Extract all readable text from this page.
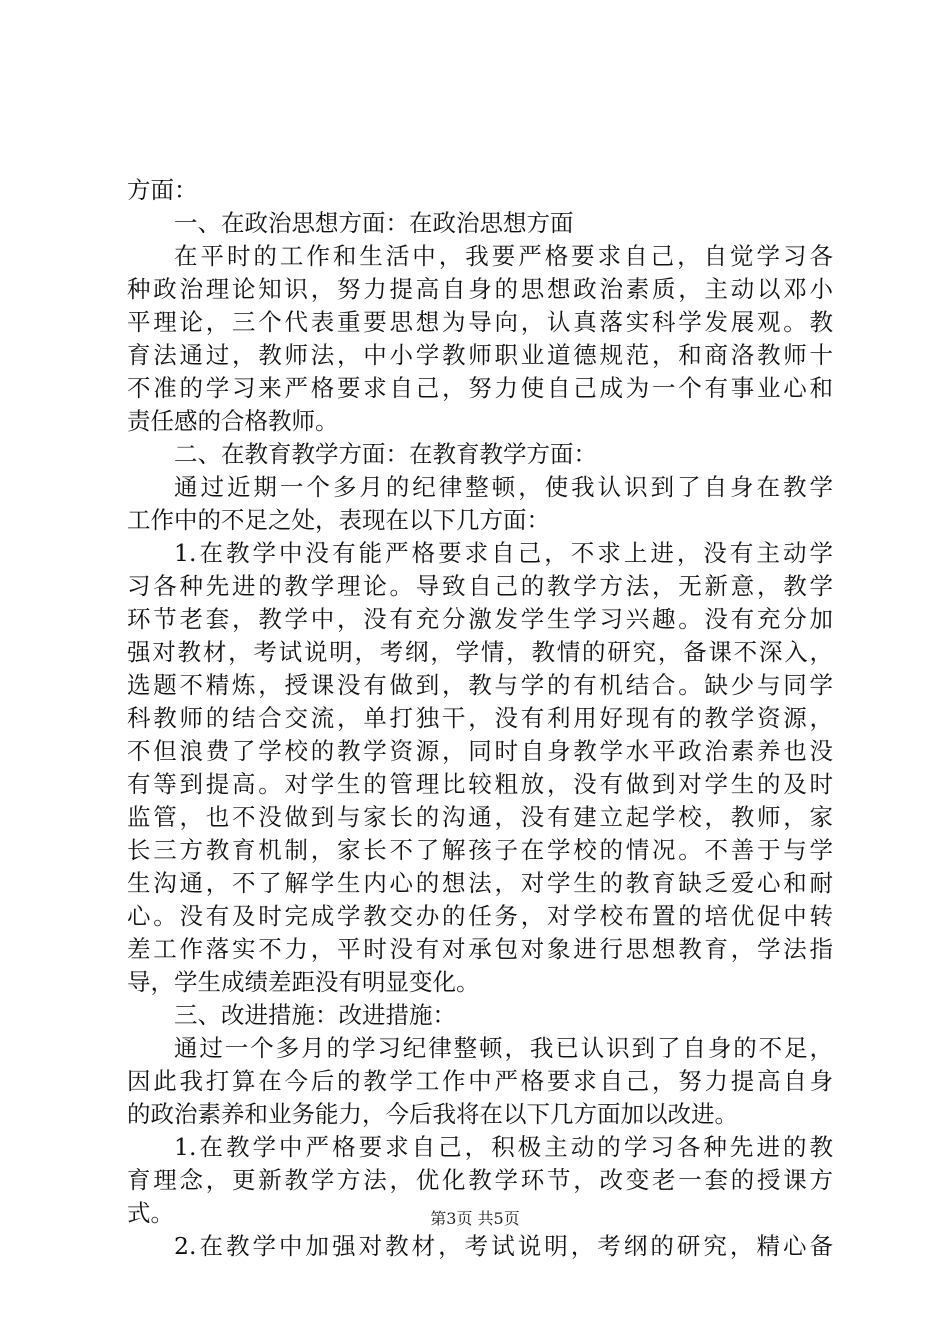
方面：
一、在政治思想方面：在政治思想方面
在平时的工作和生活中，我要严格要求自己，自觉学习各
种政治理论知识，努力提高自身的思想政治素质，主动以邓小
平理论，三个代表重要思想为导向，认真落实科学发展观。教
育法通过，教师法，中小学教师职业道德规范，和商洛教师十
不准的学习来严格要求自己，努力使自己成为一个有事业心和
责任感的合格教师。
二、在教育教学方面：在教育教学方面：
通过近期一个多月的纪律整顿，使我认识到了自身在教学
工作中的不足之处，表现在以下几方面：
1.在教学中没有能严格要求自己，不求上进，没有主动学
习各种先进的教学理论。导致自己的教学方法，无新意，教学
环节老套，教学中，没有充分激发学生学习兴趣。没有充分加
强对教材，考试说明，考纲，学情，教情的研究，备课不深入，
选题不精炼，授课没有做到，教与学的有机结合。缺少与同学
科教师的结合交流，单打独干，没有利用好现有的教学资源，
不但浪费了学校的教学资源，同时自身教学水平政治素养也没
有等到提高。对学生的管理比较粗放，没有做到对学生的及时
监管，也不没做到与家长的沟通，没有建立起学校，教师，家
长三方教育机制，家长不了解孩子在学校的情况。不善于与学
生沟通，不了解学生内心的想法，对学生的教育缺乏爱心和耐
心。没有及时完成学教交办的任务，对学校布置的培优促中转
差工作落实不力，平时没有对承包对象进行思想教育，学法指
导，学生成绩差距没有明显变化。
三、改进措施：改进措施：
通过一个多月的学习纪律整顿，我已认识到了自身的不足，
因此我打算在今后的教学工作中严格要求自己，努力提高自身
的政治素养和业务能力，今后我将在以下几方面加以改进。
1.在教学中严格要求自己，积极主动的学习各种先进的教
育理念，更新教学方法，优化教学环节，改变老一套的授课方
式。
2.在教学中加强对教材，考试说明，考纲的研究，精心备
第3页 共5页
